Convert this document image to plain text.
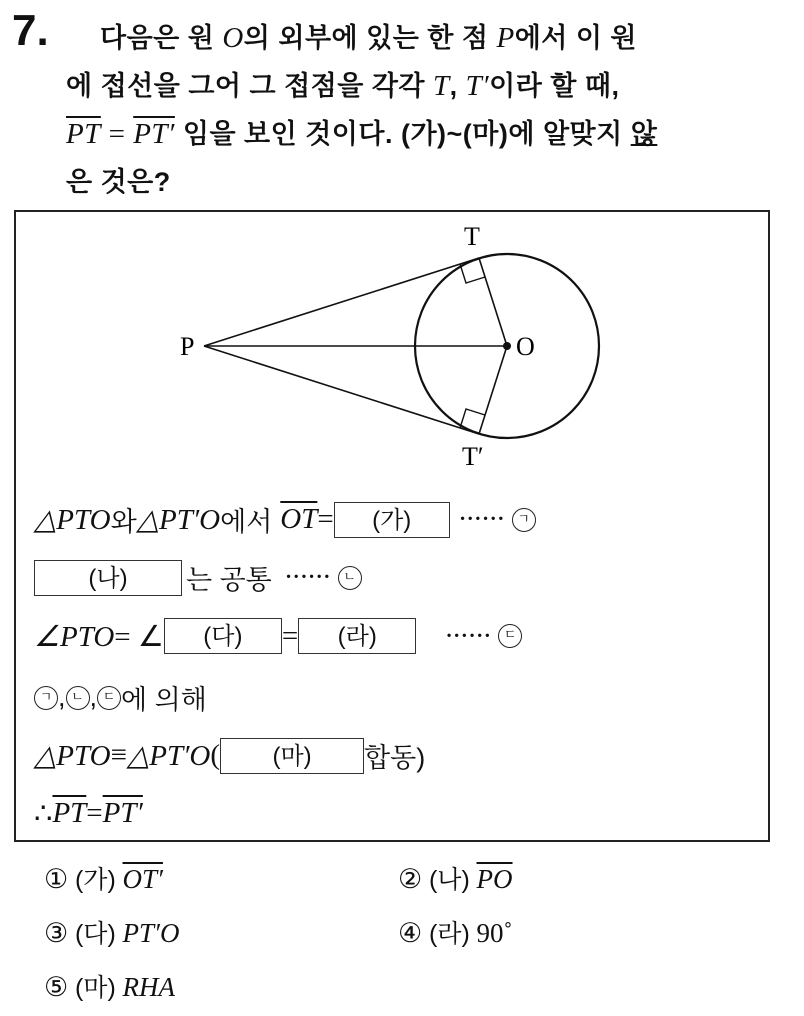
7. 다음은 원 O의 외부에 있는 한 점 P에서 이 원
에 접선을 그어 그 접점을 각각 T, T′이라 할 때,
$\overline{PT} = PT'$ 임을 보인 것이다. (가)~(마)에 알맞지 않
은 것은?
T
P	O
T′
△PTO 와 △PT′O 에서 $\overline{OT}$ =	(가)	······	ㄱ
(나)	는 공통 ······	ㄴ
∠PTO = ∠	(다)	=	(라)	······	ㄷ
ㄱ , ㄴ , ㄷ 에 의해
△PTO ≡ △PT′O (	(마)	합동)
∴ $\overline{PT} = PT'$
① (가) OT′	② (나) $\overline{PO}$
③ (다) PT′O	④ (라) 90˚
⑤ (마) RHA
